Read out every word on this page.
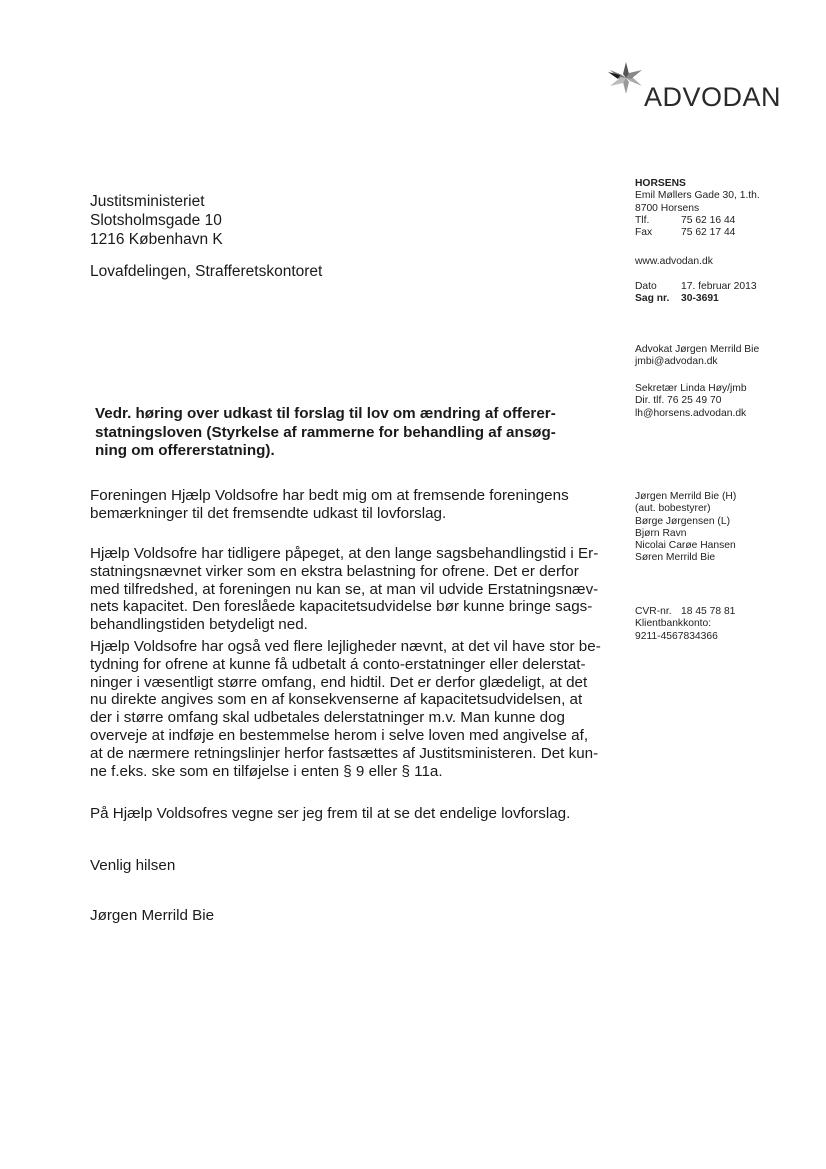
ADVODAN
Justitsministeriet
Slotsholmsgade 10
1216 København K
Lovafdelingen, Strafferetskontoret
HORSENS
Emil Møllers Gade 30, 1.th.
8700 Horsens
Tlf.	75 62 16 44
Fax	75 62 17 44
www.advodan.dk
Dato	17. februar 2013
Sag nr.	30-3691
Advokat Jørgen Merrild Bie
jmbi@advodan.dk
Sekretær Linda Høy/jmb
Dir. tlf. 76 25 49 70
lh@horsens.advodan.dk
Jørgen Merrild Bie (H)
(aut. bobestyrer)
Børge Jørgensen (L)
Bjørn Ravn
Nicolai Carøe Hansen
Søren Merrild Bie
CVR-nr. 18 45 78 81
Klientbankkonto:
9211-4567834366
Vedr. høring over udkast til forslag til lov om ændring af offerer-
statningsloven (Styrkelse af rammerne for behandling af ansøg-
ning om offererstatning).
Foreningen Hjælp Voldsofre har bedt mig om at fremsende foreningens
bemærkninger til det fremsendte udkast til lovforslag.
Hjælp Voldsofre har tidligere påpeget, at den lange sagsbehandlingstid i Er-
statningsnævnet virker som en ekstra belastning for ofrene. Det er derfor
med tilfredshed, at foreningen nu kan se, at man vil udvide Erstatningsnæv-
nets kapacitet. Den foreslåede kapacitetsudvidelse bør kunne bringe sags-
behandlingstiden betydeligt ned.
Hjælp Voldsofre har også ved flere lejligheder nævnt, at det vil have stor be-
tydning for ofrene at kunne få udbetalt á conto-erstatninger eller delerstat-
ninger i væsentligt større omfang, end hidtil. Det er derfor glædeligt, at det
nu direkte angives som en af konsekvenserne af kapacitetsudvidelsen, at
der i større omfang skal udbetales delerstatninger m.v. Man kunne dog
overveje at indføje en bestemmelse herom i selve loven med angivelse af,
at de nærmere retningslinjer herfor fastsættes af Justitsministeren. Det kun-
ne f.eks. ske som en tilføjelse i enten § 9 eller § 11a.
På Hjælp Voldsofres vegne ser jeg frem til at se det endelige lovforslag.
Venlig hilsen
Jørgen Merrild Bie
